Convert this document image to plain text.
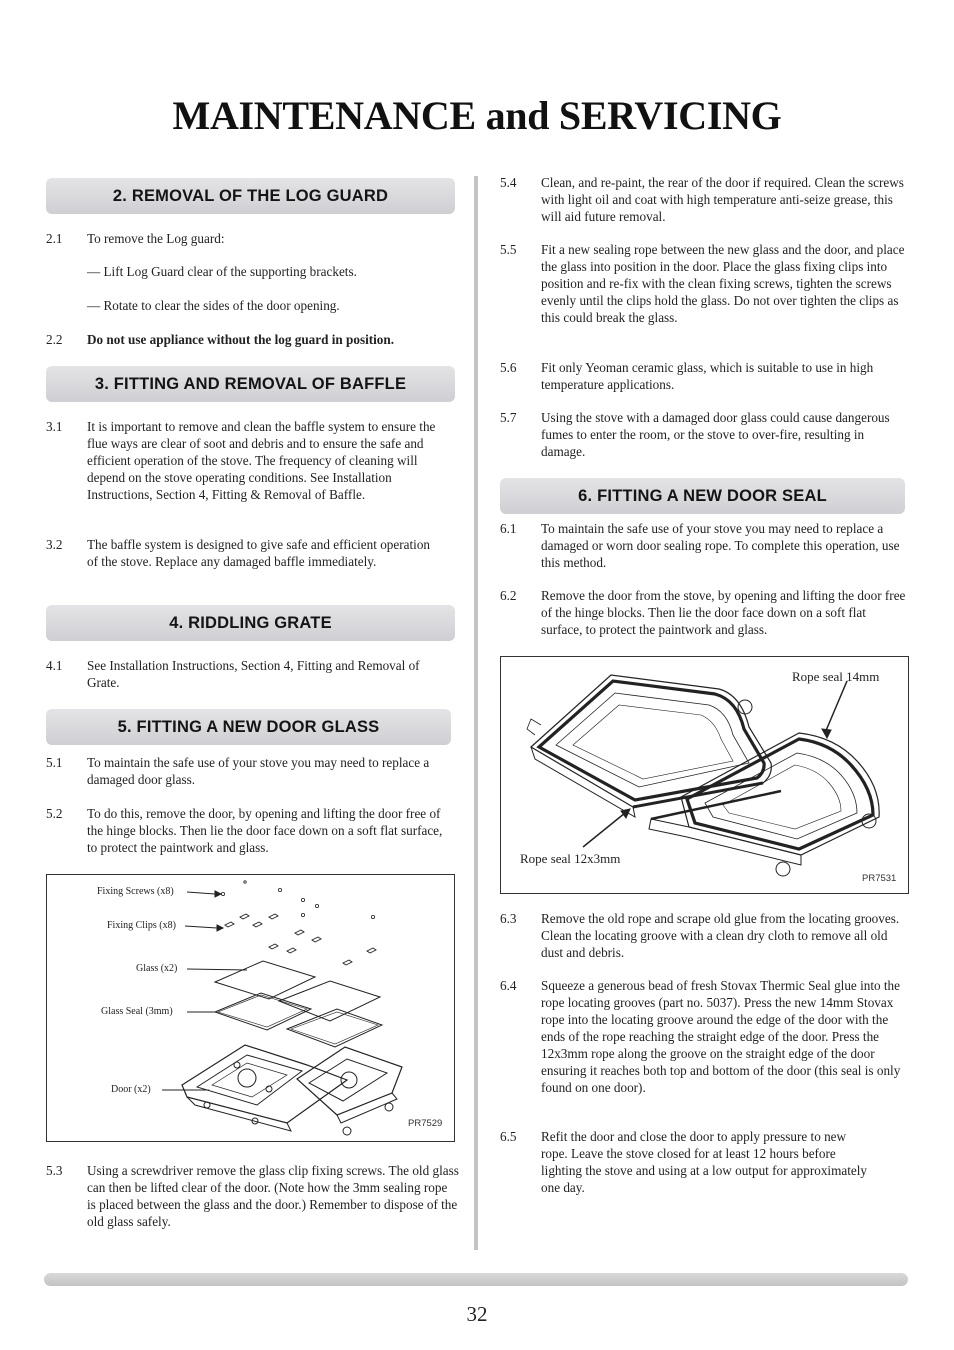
MAINTENANCE and SERVICING
2. REMOVAL OF THE LOG GUARD
2.1	To remove the Log guard:
— Lift Log Guard clear of the supporting brackets.
— Rotate to clear the sides of the door opening.
2.2	Do not use appliance without the log guard in position.
3. FITTING AND REMOVAL OF BAFFLE
3.1	It is important to remove and clean the baffle system to ensure the flue ways are clear of soot and debris and to ensure the safe and efficient operation of the stove. The frequency of cleaning will depend on the stove operating conditions. See Installation Instructions, Section 4, Fitting & Removal of Baffle.
3.2	The baffle system is designed to give safe and efficient operation of the stove. Replace any damaged baffle immediately.
4. RIDDLING GRATE
4.1	See Installation Instructions, Section 4, Fitting and Removal of Grate.
5. FITTING A NEW DOOR GLASS
5.1	To maintain the safe use of your stove you may need to replace a damaged door glass.
5.2	To do this, remove the door, by opening and lifting the door free of the hinge blocks. Then lie the door face down on a soft flat surface, to protect the paintwork and glass.
Fixing Screws (x8)
Fixing Clips (x8)
Glass (x2)
Glass Seal (3mm)
Door (x2)
PR7529
5.3	Using a screwdriver remove the glass clip fixing screws. The old glass can then be lifted clear of the door. (Note how the 3mm sealing rope is placed between the glass and the door.) Remember to dispose of the old glass safely.
5.4	Clean, and re-paint, the rear of the door if required. Clean the screws with light oil and coat with high temperature anti-seize grease, this will aid future removal.
5.5	Fit a new sealing rope between the new glass and the door, and place the glass into position in the door. Place the glass fixing clips into position and re-fix with the clean fixing screws, tighten the screws evenly until the clips hold the glass. Do not over tighten the clips as this could break the glass.
5.6	Fit only Yeoman ceramic glass, which is suitable to use in high temperature applications.
5.7	Using the stove with a damaged door glass could cause dangerous fumes to enter the room, or the stove to over-fire, resulting in damage.
6. FITTING A NEW DOOR SEAL
6.1	To maintain the safe use of your stove you may need to replace a damaged or worn door sealing rope. To complete this operation, use this method.
6.2	Remove the door from the stove, by opening and lifting the door free of the hinge blocks. Then lie the door face down on a soft flat surface, to protect the paintwork and glass.
Rope seal 14mm
Rope seal 12x3mm
PR7531
6.3	Remove the old rope and scrape old glue from the locating grooves. Clean the locating groove with a clean dry cloth to remove all old dust and debris.
6.4	Squeeze a generous bead of fresh Stovax Thermic Seal glue into the rope locating grooves (part no. 5037). Press the new 14mm Stovax rope into the locating groove around the edge of the door with the ends of the rope reaching the straight edge of the door. Press the 12x3mm rope along the groove on the straight edge of the door ensuring it reaches both top and bottom of the door (this seal is only found on one door).
6.5	Refit the door and close the door to apply pressure to new rope. Leave the stove closed for at least 12 hours before lighting the stove and using at a low output for approximately one day.
32
